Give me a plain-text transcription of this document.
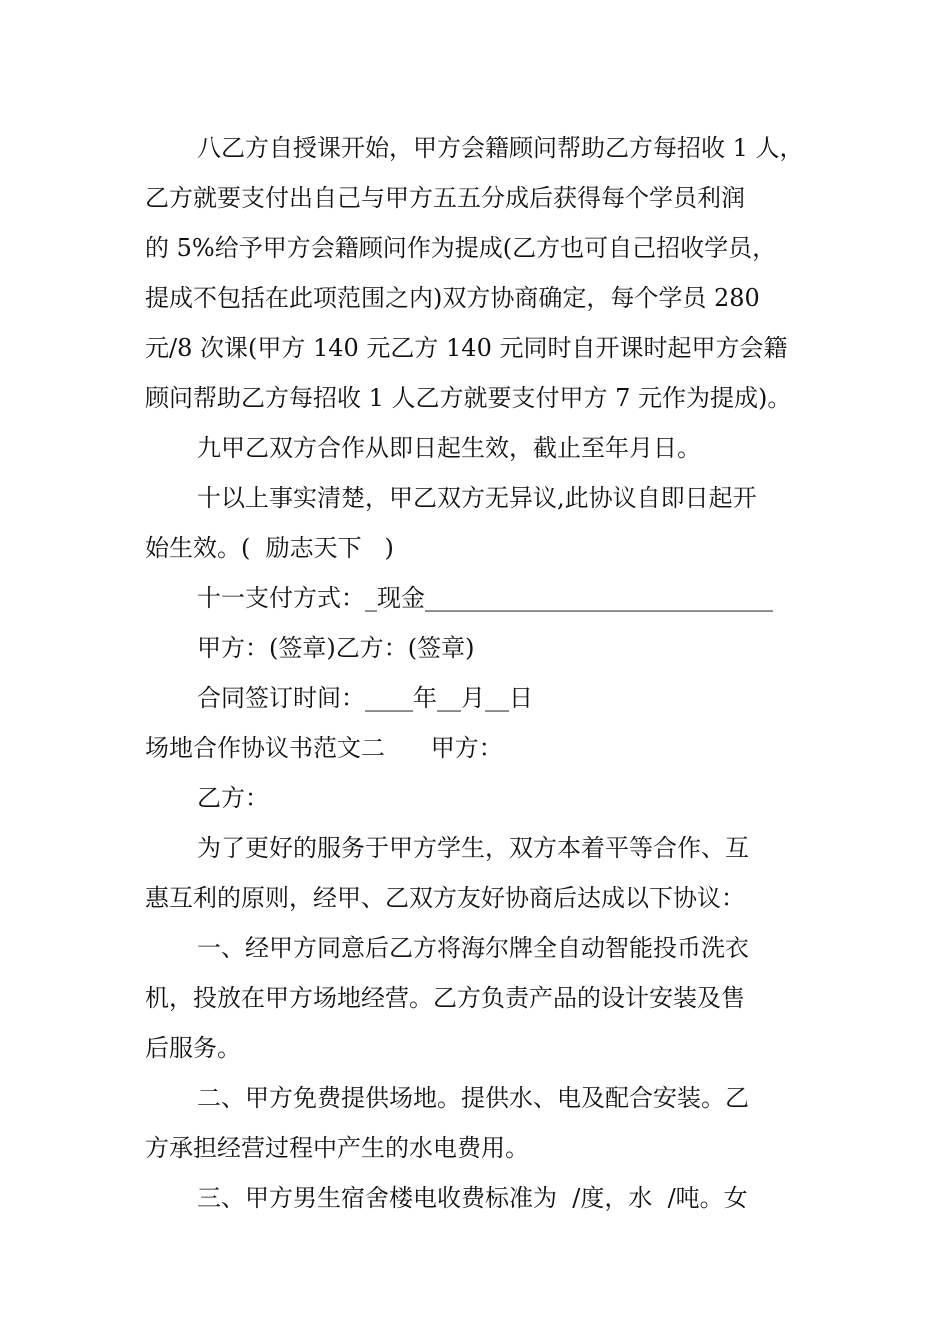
八乙方自授课开始，甲方会籍顾问帮助乙方每招收 1 人，

乙方就要支付出自己与甲方五五分成后获得每个学员利润

的 5%给予甲方会籍顾问作为提成(乙方也可自己招收学员，

提成不包括在此项范围之内)双方协商确定，每个学员 280

元/8 次课(甲方 140 元乙方 140 元同时自开课时起甲方会籍

顾问帮助乙方每招收 1 人乙方就要支付甲方 7 元作为提成)。

九甲乙双方合作从即日起生效，截止至年月日。

十以上事实清楚，甲乙双方无异议,此协议自即日起开

始生效。(  励志天下   )

十一支付方式：_现金_____________________________

甲方：(签章)乙方：(签章)

合同签订时间：____年__月__日

场地合作协议书范文二      甲方：

乙方：

为了更好的服务于甲方学生，双方本着平等合作、互

惠互利的原则，经甲、乙双方友好协商后达成以下协议：

一、经甲方同意后乙方将海尔牌全自动智能投币洗衣

机，投放在甲方场地经营。乙方负责产品的设计安装及售

后服务。

二、甲方免费提供场地。提供水、电及配合安装。乙

方承担经营过程中产生的水电费用。

三、甲方男生宿舍楼电收费标准为  /度，水  /吨。女
